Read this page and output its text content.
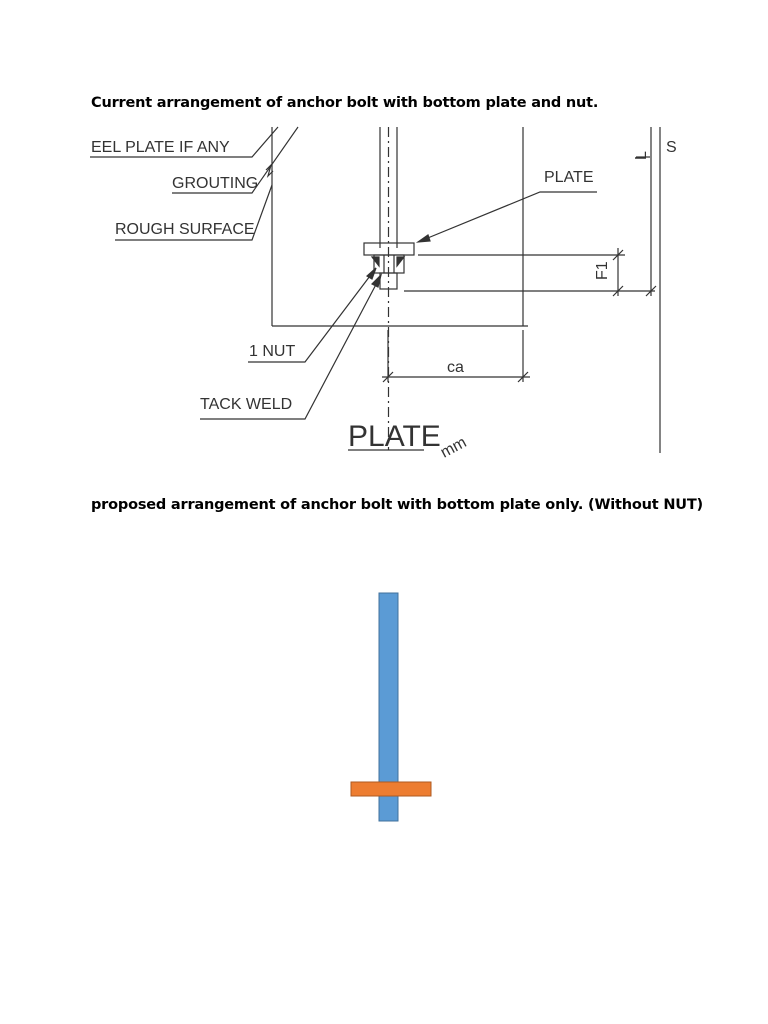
Current arrangement of anchor bolt with bottom plate and nut.
proposed arrangement of anchor bolt with bottom plate only. (Without NUT)
EEL PLATE IF ANY
GROUTING
ROUGH SURFACE
PLATE
1 NUT
TACK WELD
ca
F1
L S
PLATE
mm
